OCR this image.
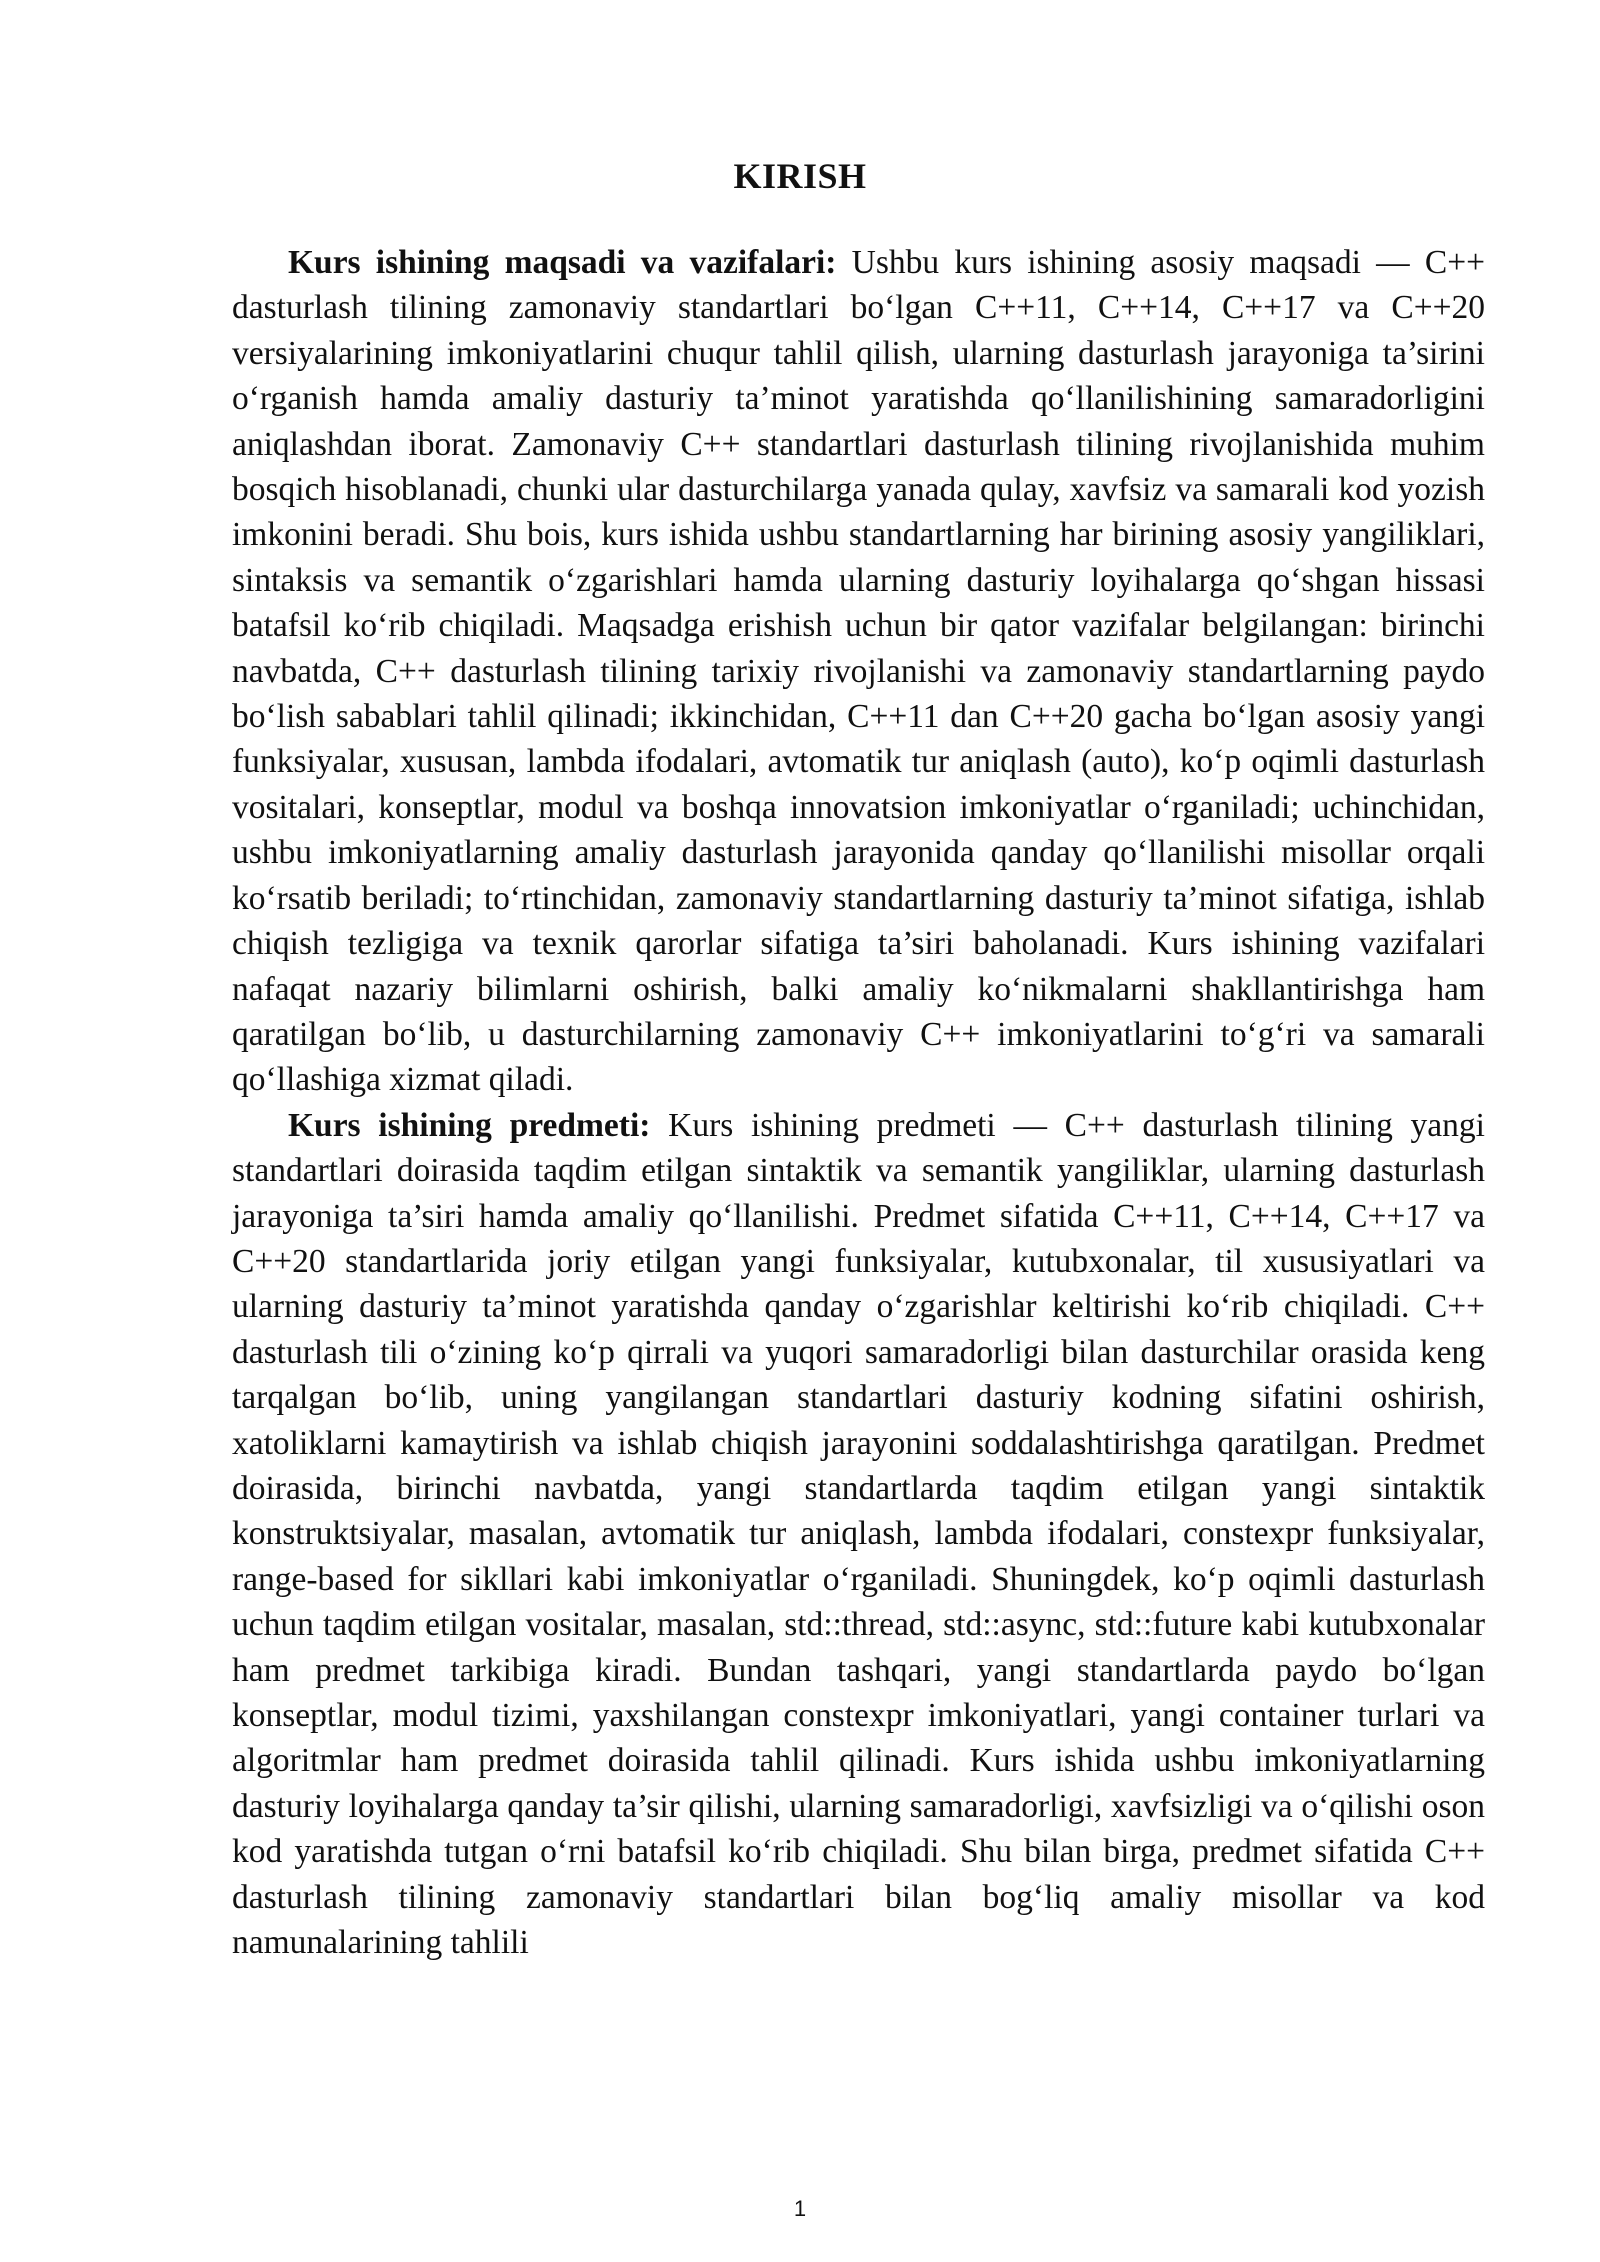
KIRISH

Kurs ishining maqsadi va vazifalari: Ushbu kurs ishining asosiy maqsadi — C++ dasturlash tilining zamonaviy standartlari bo‘lgan C++11, C++14, C++17 va C++20 versiyalarining imkoniyatlarini chuqur tahlil qilish, ularning dasturlash jarayoniga ta’sirini o‘rganish hamda amaliy dasturiy ta’minot yaratishda qo‘llanilishining samaradorligini aniqlashdan iborat. Zamonaviy C++ standartlari dasturlash tilining rivojlanishida muhim bosqich hisoblanadi, chunki ular dasturchilarga yanada qulay, xavfsiz va samarali kod yozish imkonini beradi. Shu bois, kurs ishida ushbu standartlarning har birining asosiy yangiliklari, sintaksis va semantik o‘zgarishlari hamda ularning dasturiy loyihalarga qo‘shgan hissasi batafsil ko‘rib chiqiladi. Maqsadga erishish uchun bir qator vazifalar belgilangan: birinchi navbatda, C++ dasturlash tilining tarixiy rivojlanishi va zamonaviy standartlarning paydo bo‘lish sabablari tahlil qilinadi; ikkinchidan, C++11 dan C++20 gacha bo‘lgan asosiy yangi funksiyalar, xususan, lambda ifodalari, avtomatik tur aniqlash (auto), ko‘p oqimli dasturlash vositalari, konseptlar, modul va boshqa innovatsion imkoniyatlar o‘rganiladi; uchinchidan, ushbu imkoniyatlarning amaliy dasturlash jarayonida qanday qo‘llanilishi misollar orqali ko‘rsatib beriladi; to‘rtinchidan, zamonaviy standartlarning dasturiy ta’minot sifatiga, ishlab chiqish tezligiga va texnik qarorlar sifatiga ta’siri baholanadi. Kurs ishining vazifalari nafaqat nazariy bilimlarni oshirish, balki amaliy ko‘nikmalarni shakllantirishga ham qaratilgan bo‘lib, u dasturchilarning zamonaviy C++ imkoniyatlarini to‘g‘ri va samarali qo‘llashiga xizmat qiladi.

Kurs ishining predmeti: Kurs ishining predmeti — C++ dasturlash tilining yangi standartlari doirasida taqdim etilgan sintaktik va semantik yangiliklar, ularning dasturlash jarayoniga ta’siri hamda amaliy qo‘llanilishi. Predmet sifatida C++11, C++14, C++17 va C++20 standartlarida joriy etilgan yangi funksiyalar, kutubxonalar, til xususiyatlari va ularning dasturiy ta’minot yaratishda qanday o‘zgarishlar keltirishi ko‘rib chiqiladi. C++ dasturlash tili o‘zining ko‘p qirrali va yuqori samaradorligi bilan dasturchilar orasida keng tarqalgan bo‘lib, uning yangilangan standartlari dasturiy kodning sifatini oshirish, xatoliklarni kamaytirish va ishlab chiqish jarayonini soddalashtirishga qaratilgan. Predmet doirasida, birinchi navbatda, yangi standartlarda taqdim etilgan yangi sintaktik konstruktsiyalar, masalan, avtomatik tur aniqlash, lambda ifodalari, constexpr funksiyalar, range-based for sikllari kabi imkoniyatlar o‘rganiladi. Shuningdek, ko‘p oqimli dasturlash uchun taqdim etilgan vositalar, masalan, std::thread, std::async, std::future kabi kutubxonalar ham predmet tarkibiga kiradi. Bundan tashqari, yangi standartlarda paydo bo‘lgan konseptlar, modul tizimi, yaxshilangan constexpr imkoniyatlari, yangi container turlari va algoritmlar ham predmet doirasida tahlil qilinadi. Kurs ishida ushbu imkoniyatlarning dasturiy loyihalarga qanday ta’sir qilishi, ularning samaradorligi, xavfsizligi va o‘qilishi oson kod yaratishda tutgan o‘rni batafsil ko‘rib chiqiladi. Shu bilan birga, predmet sifatida C++ dasturlash tilining zamonaviy standartlari bilan bog‘liq amaliy misollar va kod namunalarining tahlili

1
